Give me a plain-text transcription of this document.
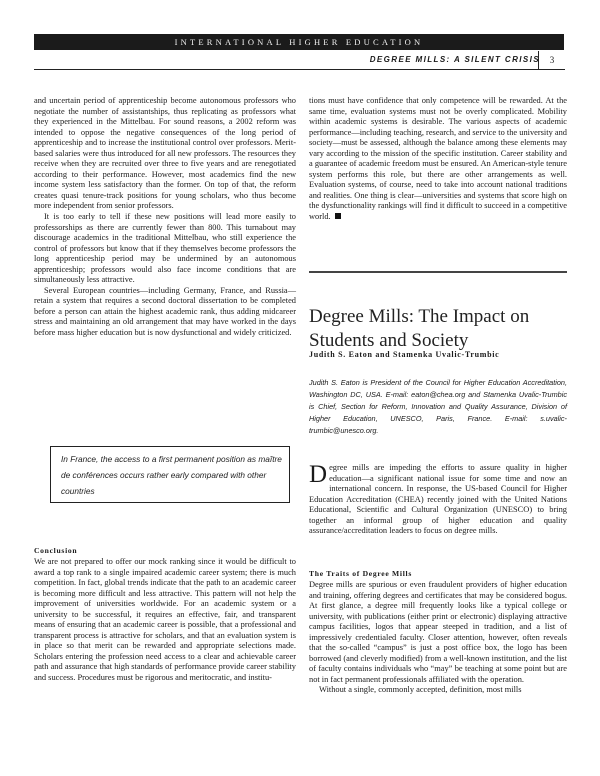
INTERNATIONAL HIGHER EDUCATION
DEGREE MILLS: A SILENT CRISIS	3

and uncertain period of apprenticeship become autonomous professors who negotiate the number of assistantships, thus replicating as professors what they experienced in the Mittelbau. For sound reasons, a 2002 reform was intended to oppose the negative consequences of the long period of apprenticeship and to increase the institutional control over professors. Merit-based salaries were thus introduced for all new professors. The resources they receive when they are recruited over three to five years and are renegotiated according to their performance. However, most academics find the new income system less satisfactory than the former. On top of that, the reform creates quasi tenure-track positions for young scholars, who thus become more independent from senior professors.

It is too early to tell if these new positions will lead more easily to professorships as there are currently fewer than 800. This turnabout may discourage academics in the traditional Mittelbau, who still experience the control of professors but know that if they themselves become professors the long apprenticeship period may be undermined by an autonomous apprenticeship; professors would also face income conditions that are simultaneously less attractive.

Several European countries—including Germany, France, and Russia—retain a system that requires a second doctoral dissertation to be completed before a person can attain the highest academic rank, thus adding midcareer stress and maintaining an old arrangement that may have worked in the days before mass higher education but is now dysfunctional and widely criticized.

In France, the access to a first permanent position as maître de conférences occurs rather early compared with other countries
Conclusion
We are not prepared to offer our mock ranking since it would be difficult to award a top rank to a single impaired academic career system; there is much competition. In fact, global trends indicate that the path to an academic career is becoming more difficult and less attractive. This pattern will not help the improvement of universities worldwide. For an academic system or a university to be successful, it requires an effective, fair, and transparent means of ensuring that an academic career is possible, that a professional and transparent process is attractive for scholars, and that an evaluation system is in place so that merit can be rewarded and appropriate selections made. Scholars entering the profession need access to a clear and achievable career path and assurance that high standards of performance provide career stability and success. Procedures must be rigorous and meritocratic, and institu-

tions must have confidence that only competence will be rewarded. At the same time, evaluation systems must not be overly complicated. Mobility within academic systems is desirable. The various aspects of academic performance—including teaching, research, and service to the university and society—must be assessed, although the balance among these elements may vary according to the mission of the specific institution. Career stability and a guarantee of academic freedom must be ensured. An American-style tenure system performs this role, but there are other arrangements as well. Evaluation systems, of course, need to take into account national traditions and realities. One thing is clear—universities and systems that score high on the dysfunctionality rankings will find it difficult to succeed in a competitive world.

Degree Mills: The Impact on Students and Society
Judith S. Eaton and Stamenka Uvalic-Trumbic
Judith S. Eaton is President of the Council for Higher Education Accreditation, Washington DC, USA. E-mail: eaton@chea.org and Stamenka Uvalic-Trumbic is Chief, Section for Reform, Innovation and Quality Assurance, Division of Higher Education, UNESCO, Paris, France. E-mail: s.uvalic-trumbic@unesco.org.
Degree mills are impeding the efforts to assure quality in higher education—a significant national issue for some time and now an international concern. In response, the US-based Council for Higher Education Accreditation (CHEA) recently joined with the United Nations Educational, Scientific and Cultural Organization (UNESCO) to bring together an informal group of higher education and quality assurance/accreditation leaders to focus on degree mills.
The Traits of Degree Mills

Degree mills are spurious or even fraudulent providers of higher education and training, offering degrees and certificates that may be considered bogus. At first glance, a degree mill frequently looks like a typical college or university, with publications (either print or electronic) displaying attractive campus facilities, logos that appear steeped in tradition, and a list of impressively credentialed faculty. Closer attention, however, often reveals that the so-called “campus” is just a post office box, the logo has been borrowed (and cleverly modified) from a well-known institution, and the list of faculty contains individuals who “may” be teaching at some point but are not in fact permanent professionals affiliated with the operation.

Without a single, commonly accepted, definition, most mills
